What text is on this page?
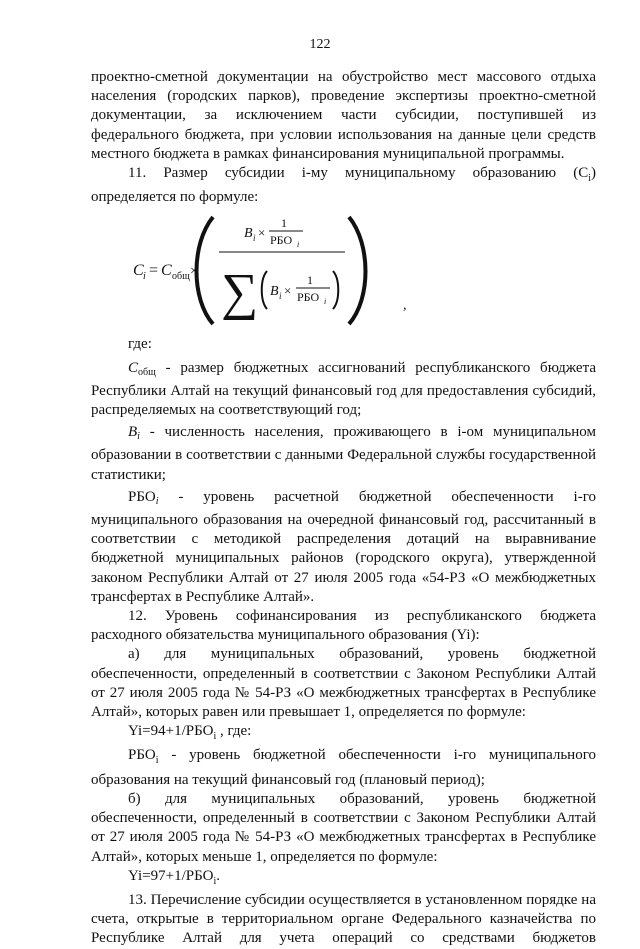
122

проектно-сметной документации на обустройство мест массового отдыха населения (городских парков), проведение экспертизы проектно-сметной документации, за исключением части субсидии, поступившей из федерального бюджета, при условии использования на данные цели средств местного бюджета в рамках финансирования муниципальной программы.

11. Размер субсидии i-му муниципальному образованию $(C_i)$ определяется по формуле:

C i = C общ ×
B i ×
1
РБО i
∑ B i ×
1
РБО i	,

где:

$C_{общ}$ - размер бюджетных ассигнований республиканского бюджета Республики Алтай на текущий финансовый год для предоставления субсидий, распределяемых на соответствующий год;

$B_i$ - численность населения, проживающего в i-ом муниципальном образовании в соответствии с данными Федеральной службы государственной статистики;

$РБО_i$ - уровень расчетной бюджетной обеспеченности i-го муниципального образования на очередной финансовый год, рассчитанный в соответствии с методикой распределения дотаций на выравнивание бюджетной муниципальных районов (городского округа), утвержденной законом Республики Алтай от 27 июля 2005 года «54-РЗ «О межбюджетных трансфертах в Республике Алтай».

12. Уровень софинансирования из республиканского бюджета расходного обязательства муниципального образования (Yi):

а) для муниципальных образований, уровень бюджетной обеспеченности, определенный в соответствии с Законом Республики Алтай от 27 июля 2005 года № 54-РЗ «О межбюджетных трансфертах в Республике Алтай», которых равен или превышает 1, определяется по формуле:

$Yi=94+1/РБО_i$ , где:

$РБО_i$ - уровень бюджетной обеспеченности i-го муниципального образования на текущий финансовый год (плановый период);

б) для муниципальных образований, уровень бюджетной обеспеченности, определенный в соответствии с Законом Республики Алтай от 27 июля 2005 года № 54-РЗ «О межбюджетных трансфертах в Республике Алтай», которых меньше 1, определяется по формуле:

$Yi=97+1/РБО_i$.

13. Перечисление субсидии осуществляется в установленном порядке на счета, открытые в территориальном органе Федерального казначейства по Республике Алтай для учета операций со средствами бюджетов
